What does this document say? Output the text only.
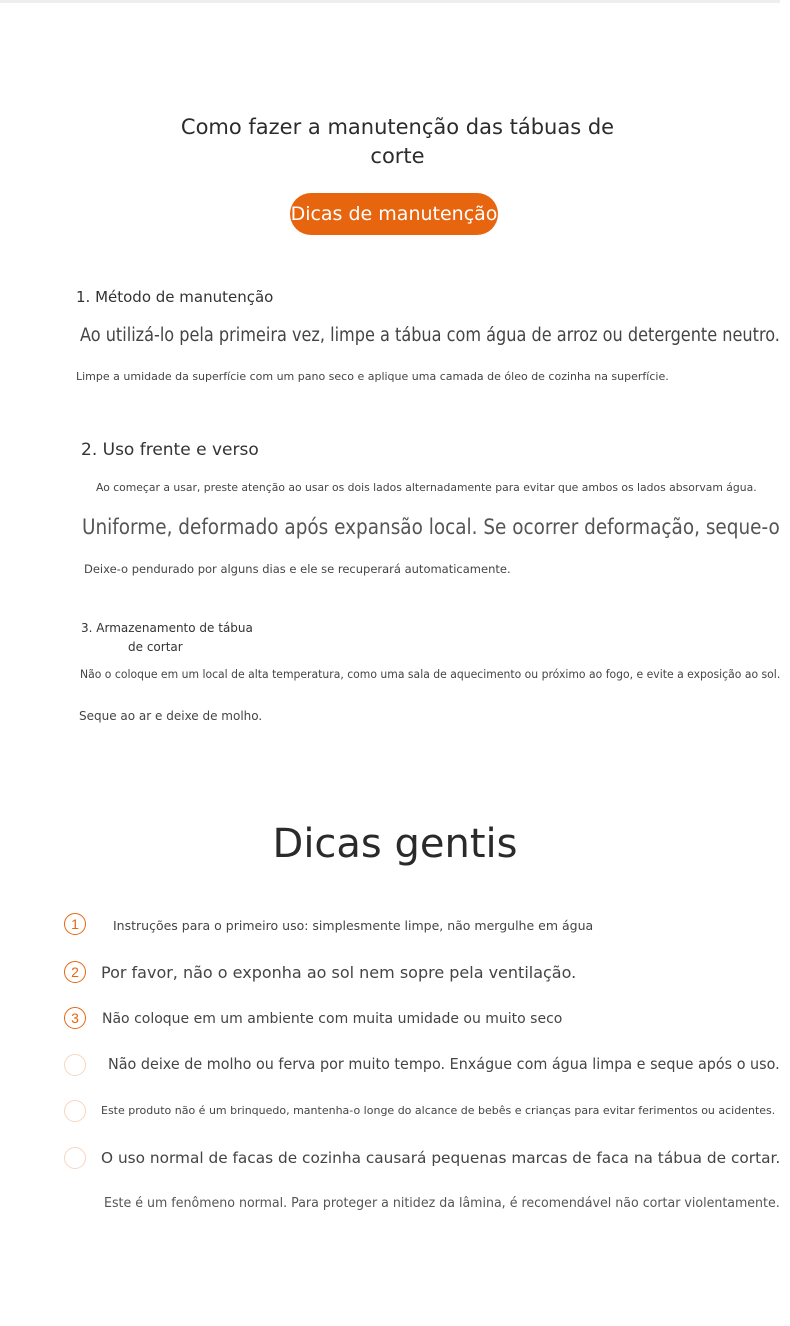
Como fazer a manutenção das tábuas de
corte
Dicas de manutenção
1. Método de manutenção
Ao utilizá-lo pela primeira vez, limpe a tábua com água de arroz ou detergente neutro.
Limpe a umidade da superfície com um pano seco e aplique uma camada de óleo de cozinha na superfície.
2. Uso frente e verso
Ao começar a usar, preste atenção ao usar os dois lados alternadamente para evitar que ambos os lados absorvam água.
Uniforme, deformado após expansão local. Se ocorrer deformação, seque-o
Deixe-o pendurado por alguns dias e ele se recuperará automaticamente.
3. Armazenamento de tábua
de cortar
Não o coloque em um local de alta temperatura, como uma sala de aquecimento ou próximo ao fogo, e evite a exposição ao sol.
Seque ao ar e deixe de molho.
Dicas gentis
1	Instruções para o primeiro uso: simplesmente limpe, não mergulhe em água
2	Por favor, não o exponha ao sol nem sopre pela ventilação.
3	Não coloque em um ambiente com muita umidade ou muito seco
Não deixe de molho ou ferva por muito tempo. Enxágue com água limpa e seque após o uso.
Este produto não é um brinquedo, mantenha-o longe do alcance de bebês e crianças para evitar ferimentos ou acidentes.
O uso normal de facas de cozinha causará pequenas marcas de faca na tábua de cortar.
Este é um fenômeno normal. Para proteger a nitidez da lâmina, é recomendável não cortar violentamente.
